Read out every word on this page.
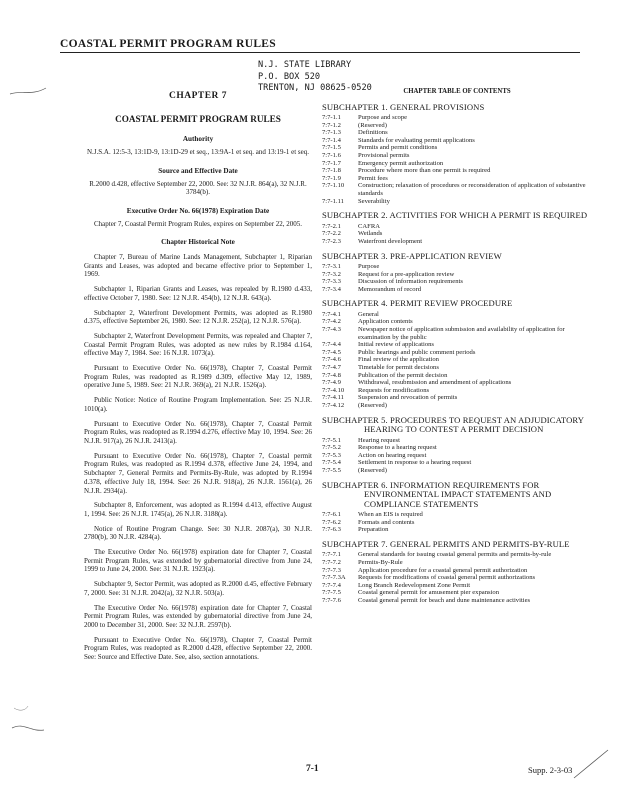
COASTAL PERMIT PROGRAM RULES
N.J. STATE LIBRARY
P.O. BOX 520
TRENTON, NJ 08625-0520
CHAPTER 7
COASTAL PERMIT PROGRAM RULES
Authority
N.J.S.A. 12:5-3, 13:1D-9, 13:1D-29 et seq., 13:9A-1 et seq. and 13:19-1 et seq.
Source and Effective Date
R.2000 d.428, effective September 22, 2000. See: 32 N.J.R. 864(a), 32 N.J.R. 3784(b).
Executive Order No. 66(1978) Expiration Date
Chapter 7, Coastal Permit Program Rules, expires on September 22, 2005.
Chapter Historical Note
Chapter 7, Bureau of Marine Lands Management, Subchapter 1, Riparian Grants and Leases, was adopted and became effective prior to September 1, 1969.
Subchapter 1, Riparian Grants and Leases, was repealed by R.1980 d.433, effective October 7, 1980. See: 12 N.J.R. 454(b), 12 N.J.R. 643(a).
Subchapter 2, Waterfront Development Permits, was adopted as R.1980 d.375, effective September 26, 1980. See: 12 N.J.R. 252(a), 12 N.J.R. 576(a).
Subchapter 2, Waterfront Development Permits, was repealed and Chapter 7, Coastal Permit Program Rules, was adopted as new rules by R.1984 d.164, effective May 7, 1984. See: 16 N.J.R. 1073(a).
Pursuant to Executive Order No. 66(1978), Chapter 7, Coastal Permit Program Rules, was readopted as R.1989 d.309, effective May 12, 1989, operative June 5, 1989. See: 21 N.J.R. 369(a), 21 N.J.R. 1526(a).
Public Notice: Notice of Routine Program Implementation. See: 25 N.J.R. 1010(a).
Pursuant to Executive Order No. 66(1978), Chapter 7, Coastal Permit Program Rules, was readopted as R.1994 d.276, effective May 10, 1994. See: 26 N.J.R. 917(a), 26 N.J.R. 2413(a).
Pursuant to Executive Order No. 66(1978), Chapter 7, Coastal permit Program Rules, was readopted as R.1994 d.378, effective June 24, 1994, and Subchapter 7, General Permits and Permits-By-Rule, was adopted by R.1994 d.378, effective July 18, 1994. See: 26 N.J.R. 918(a), 26 N.J.R. 1561(a), 26 N.J.R. 2934(a).
Subchapter 8, Enforcement, was adopted as R.1994 d.413, effective August 1, 1994. See: 26 N.J.R. 1745(a), 26 N.J.R. 3188(a).
Notice of Routine Program Change. See: 30 N.J.R. 2087(a), 30 N.J.R. 2780(b), 30 N.J.R. 4284(a).
The Executive Order No. 66(1978) expiration date for Chapter 7, Coastal Permit Program Rules, was extended by gubernatorial directive from June 24, 1999 to June 24, 2000. See: 31 N.J.R. 1923(a).
Subchapter 9, Sector Permit, was adopted as R.2000 d.45, effective February 7, 2000. See: 31 N.J.R. 2042(a), 32 N.J.R. 503(a).
The Executive Order No. 66(1978) expiration date for Chapter 7, Coastal Permit Program Rules, was extended by gubernatorial directive from June 24, 2000 to December 31, 2000. See: 32 N.J.R. 2597(b).
Pursuant to Executive Order No. 66(1978), Chapter 7, Coastal Permit Program Rules, was readopted as R.2000 d.428, effective September 22, 2000. See: Source and Effective Date. See, also, section annotations.
CHAPTER TABLE OF CONTENTS
SUBCHAPTER 1. GENERAL PROVISIONS
7:7-1.1	Purpose and scope
7:7-1.2	(Reserved)
7:7-1.3	Definitions
7:7-1.4	Standards for evaluating permit applications
7:7-1.5	Permits and permit conditions
7:7-1.6	Provisional permits
7:7-1.7	Emergency permit authorization
7:7-1.8	Procedure where more than one permit is required
7:7-1.9	Permit fees
7:7-1.10	Construction; relaxation of procedures or reconsideration of application of substantive standards
7:7-1.11	Severability
SUBCHAPTER 2. ACTIVITIES FOR WHICH A PERMIT IS REQUIRED
7:7-2.1	CAFRA
7:7-2.2	Wetlands
7:7-2.3	Waterfront development
SUBCHAPTER 3. PRE-APPLICATION REVIEW
7:7-3.1	Purpose
7:7-3.2	Request for a pre-application review
7:7-3.3	Discussion of information requirements
7:7-3.4	Memorandum of record
SUBCHAPTER 4. PERMIT REVIEW PROCEDURE
7:7-4.1	General
7:7-4.2	Application contents
7:7-4.3	Newspaper notice of application submission and availability of application for examination by the public
7:7-4.4	Initial review of applications
7:7-4.5	Public hearings and public comment periods
7:7-4.6	Final review of the application
7:7-4.7	Timetable for permit decisions
7:7-4.8	Publication of the permit decision
7:7-4.9	Withdrawal, resubmission and amendment of applications
7:7-4.10	Requests for modifications
7:7-4.11	Suspension and revocation of permits
7:7-4.12	(Reserved)
SUBCHAPTER 5. PROCEDURES TO REQUEST AN ADJUDICATORY HEARING TO CONTEST A PERMIT DECISION
7:7-5.1	Hearing request
7:7-5.2	Response to a hearing request
7:7-5.3	Action on hearing request
7:7-5.4	Settlement in response to a hearing request
7:7-5.5	(Reserved)
SUBCHAPTER 6. INFORMATION REQUIREMENTS FOR ENVIRONMENTAL IMPACT STATEMENTS AND COMPLIANCE STATEMENTS
7:7-6.1	When an EIS is required
7:7-6.2	Formats and contents
7:7-6.3	Preparation
SUBCHAPTER 7. GENERAL PERMITS AND PERMITS-BY-RULE
7:7-7.1	General standards for issuing coastal general permits and permits-by-rule
7:7-7.2	Permits-By-Rule
7:7-7.3	Application procedure for a coastal general permit authorization
7:7-7.3A	Requests for modifications of coastal general permit authorizations
7:7-7.4	Long Branch Redevelopment Zone Permit
7:7-7.5	Coastal general permit for amusement pier expansion
7:7-7.6	Coastal general permit for beach and dune maintenance activities
7-1	Supp. 2-3-03
